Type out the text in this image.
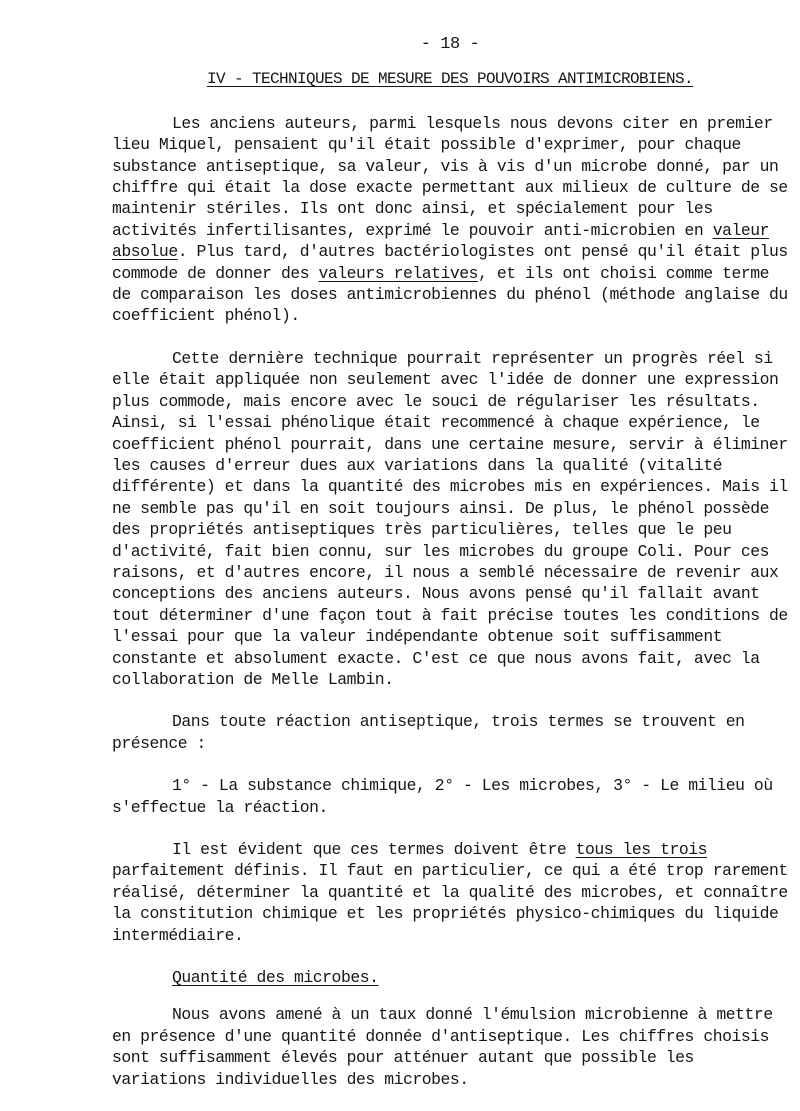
- 18 -
IV - TECHNIQUES DE MESURE DES POUVOIRS ANTIMICROBIENS.

Les anciens auteurs, parmi lesquels nous devons citer en premier lieu Miquel, pensaient qu'il était possible d'exprimer, pour chaque substance antiseptique, sa valeur, vis à vis d'un microbe donné, par un chiffre qui était la dose exacte permettant aux milieux de culture de se maintenir stériles. Ils ont donc ainsi, et spécialement pour les activités infertilisantes, exprimé le pouvoir anti-microbien en valeur absolue. Plus tard, d'autres bactériologistes ont pensé qu'il était plus commode de donner des valeurs relatives, et ils ont choisi comme terme de comparaison les doses antimicrobiennes du phénol (méthode anglaise du coefficient phénol).

Cette dernière technique pourrait représenter un progrès réel si elle était appliquée non seulement avec l'idée de donner une expression plus commode, mais encore avec le souci de régulariser les résultats. Ainsi, si l'essai phénolique était recommencé à chaque expérience, le coefficient phénol pourrait, dans une certaine mesure, servir à éliminer les causes d'erreur dues aux variations dans la qualité (vitalité différente) et dans la quantité des microbes mis en expériences. Mais il ne semble pas qu'il en soit toujours ainsi. De plus, le phénol possède des propriétés antiseptiques très particulières, telles que le peu d'activité, fait bien connu, sur les microbes du groupe Coli. Pour ces raisons, et d'autres encore, il nous a semblé nécessaire de revenir aux conceptions des anciens auteurs. Nous avons pensé qu'il fallait avant tout déterminer d'une façon tout à fait précise toutes les conditions de l'essai pour que la valeur indépendante obtenue soit suffisamment constante et absolument exacte. C'est ce que nous avons fait, avec la collaboration de Melle Lambin.

Dans toute réaction antiseptique, trois termes se trouvent en présence :

1° - La substance chimique, 2° - Les microbes, 3° - Le milieu où s'effectue la réaction.

Il est évident que ces termes doivent être tous les trois parfaitement définis. Il faut en particulier, ce qui a été trop rarement réalisé, déterminer la quantité et la qualité des microbes, et connaître la constitution chimique et les propriétés physico-chimiques du liquide intermédiaire.

Quantité des microbes.

Nous avons amené à un taux donné l'émulsion microbienne à mettre en présence d'une quantité donnée d'antiseptique. Les chiffres choisis sont suffisamment élevés pour atténuer autant que possible les variations individuelles des microbes.
